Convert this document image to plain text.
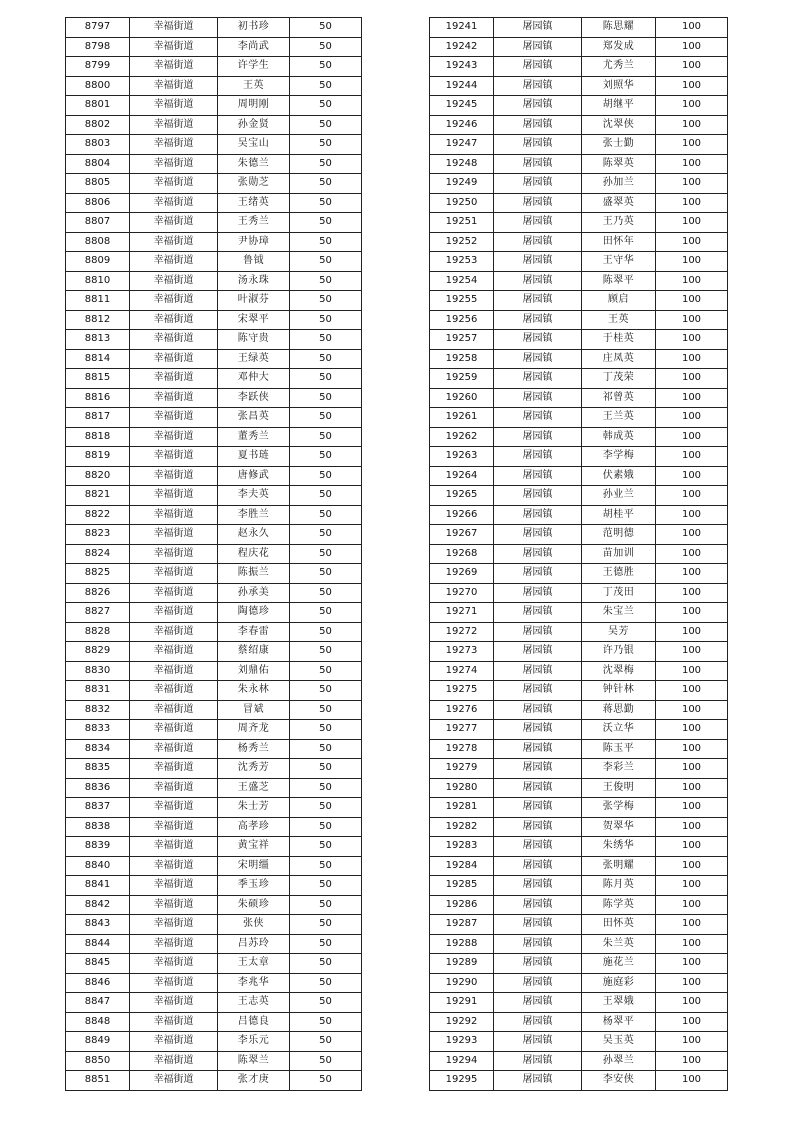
8797	幸福街道	初书珍	50
8798	幸福街道	李尚武	50
8799	幸福街道	许学生	50
8800	幸福街道	王英	50
8801	幸福街道	周明刚	50
8802	幸福街道	孙金贤	50
8803	幸福街道	吴宝山	50
8804	幸福街道	朱德兰	50
8805	幸福街道	张勋芝	50
8806	幸福街道	王绪英	50
8807	幸福街道	王秀兰	50
8808	幸福街道	尹协璋	50
8809	幸福街道	鲁钺	50
8810	幸福街道	汤永珠	50
8811	幸福街道	叶淑芬	50
8812	幸福街道	宋翠平	50
8813	幸福街道	陈守贵	50
8814	幸福街道	王绿英	50
8815	幸福街道	邓仲大	50
8816	幸福街道	李跃侠	50
8817	幸福街道	张昌英	50
8818	幸福街道	董秀兰	50
8819	幸福街道	夏书琏	50
8820	幸福街道	唐修武	50
8821	幸福街道	李夫英	50
8822	幸福街道	李胜兰	50
8823	幸福街道	赵永久	50
8824	幸福街道	程庆花	50
8825	幸福街道	陈振兰	50
8826	幸福街道	孙承美	50
8827	幸福街道	陶德珍	50
8828	幸福街道	李春雷	50
8829	幸福街道	蔡绍康	50
8830	幸福街道	刘鼎佑	50
8831	幸福街道	朱永林	50
8832	幸福街道	冒斌	50
8833	幸福街道	周齐龙	50
8834	幸福街道	杨秀兰	50
8835	幸福街道	沈秀芳	50
8836	幸福街道	王盛芝	50
8837	幸福街道	朱士芳	50
8838	幸福街道	高孝珍	50
8839	幸福街道	黄宝祥	50
8840	幸福街道	宋明缰	50
8841	幸福街道	季玉珍	50
8842	幸福街道	朱硕珍	50
8843	幸福街道	张侠	50
8844	幸福街道	吕苏玲	50
8845	幸福街道	王太章	50
8846	幸福街道	李兆华	50
8847	幸福街道	王志英	50
8848	幸福街道	吕德良	50
8849	幸福街道	李乐元	50
8850	幸福街道	陈翠兰	50
8851	幸福街道	张才庚	50
19241	屠园镇	陈思耀	100
19242	屠园镇	郑发成	100
19243	屠园镇	尤秀兰	100
19244	屠园镇	刘照华	100
19245	屠园镇	胡继平	100
19246	屠园镇	沈翠侠	100
19247	屠园镇	张士勤	100
19248	屠园镇	陈翠英	100
19249	屠园镇	孙加兰	100
19250	屠园镇	盛翠英	100
19251	屠园镇	王乃英	100
19252	屠园镇	田怀年	100
19253	屠园镇	王守华	100
19254	屠园镇	陈翠平	100
19255	屠园镇	顾启	100
19256	屠园镇	王英	100
19257	屠园镇	于桂英	100
19258	屠园镇	庄凤英	100
19259	屠园镇	丁茂荣	100
19260	屠园镇	祁曾英	100
19261	屠园镇	王兰英	100
19262	屠园镇	韩成英	100
19263	屠园镇	李学梅	100
19264	屠园镇	伏素娥	100
19265	屠园镇	孙业兰	100
19266	屠园镇	胡桂平	100
19267	屠园镇	范明德	100
19268	屠园镇	苗加训	100
19269	屠园镇	王德胜	100
19270	屠园镇	丁茂田	100
19271	屠园镇	朱宝兰	100
19272	屠园镇	吴芳	100
19273	屠园镇	许乃银	100
19274	屠园镇	沈翠梅	100
19275	屠园镇	钟针林	100
19276	屠园镇	蒋思勤	100
19277	屠园镇	沃立华	100
19278	屠园镇	陈玉平	100
19279	屠园镇	李彩兰	100
19280	屠园镇	王俊明	100
19281	屠园镇	张学梅	100
19282	屠园镇	贺翠华	100
19283	屠园镇	朱绣华	100
19284	屠园镇	张明耀	100
19285	屠园镇	陈月英	100
19286	屠园镇	陈学英	100
19287	屠园镇	田怀英	100
19288	屠园镇	朱兰英	100
19289	屠园镇	施花兰	100
19290	屠园镇	施庭彩	100
19291	屠园镇	王翠娥	100
19292	屠园镇	杨翠平	100
19293	屠园镇	吴玉英	100
19294	屠园镇	孙翠兰	100
19295	屠园镇	李安侠	100
